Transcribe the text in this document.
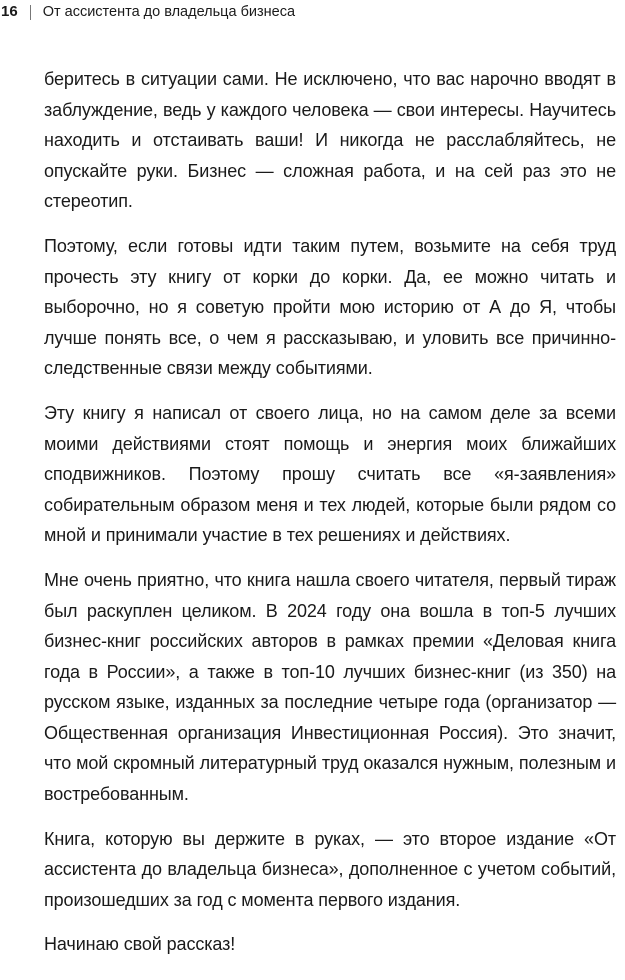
16 От ассистента до владельца бизнеса

беритесь в ситуации сами. Не исключено, что вас нарочно вводят в заблуждение, ведь у каждого человека — свои интересы. Научитесь находить и отстаивать ваши! И никогда не расслабляйтесь, не опускайте руки. Бизнес — сложная работа, и на сей раз это не стереотип.

Поэтому, если готовы идти таким путем, возьмите на себя труд прочесть эту книгу от корки до корки. Да, ее можно читать и выборочно, но я советую пройти мою историю от А до Я, чтобы лучше понять все, о чем я рассказываю, и уловить все причинно-следственные связи между событиями.

Эту книгу я написал от своего лица, но на самом деле за всеми моими действиями стоят помощь и энергия моих ближайших сподвижников. Поэтому прошу считать все «я-заявления» собирательным образом меня и тех людей, которые были рядом со мной и принимали участие в тех решениях и действиях.

Мне очень приятно, что книга нашла своего читателя, первый тираж был раскуплен целиком. В 2024 году она вошла в топ-5 лучших бизнес-книг российских авторов в рамках премии «Деловая книга года в России», а также в топ-10 лучших бизнес-книг (из 350) на русском языке, изданных за последние четыре года (организатор — Общественная организация Инвестиционная Россия). Это значит, что мой скромный литературный труд оказался нужным, полезным и востребованным.

Книга, которую вы держите в руках, — это второе издание «От ассистента до владельца бизнеса», дополненное с учетом событий, произошедших за год с момента первого издания.

Начинаю свой рассказ!
